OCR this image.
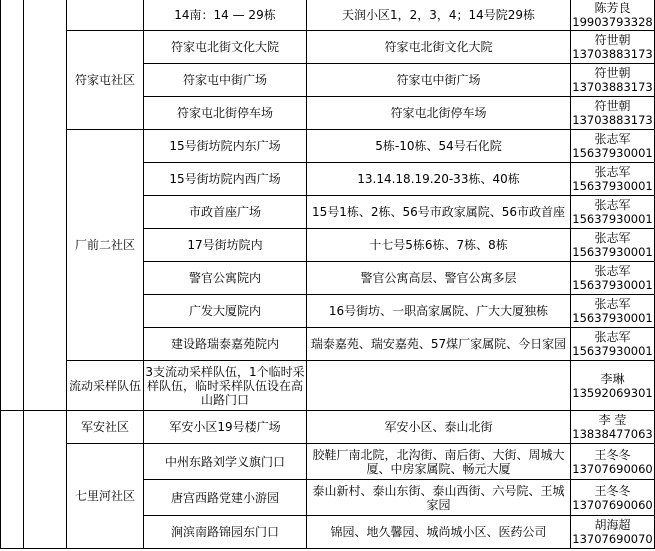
			14南：14 — 29栋	天润小区1，2，3，4；14号院29栋	陈芳良
19903793328

		符家屯社区	符家屯北街文化大院	符家屯北街文化大院	符世朝
13703883173

			符家屯中街广场	符家屯中街广场	符世朝
13703883173

			符家屯北街停车场	符家屯北街停车场	符世朝
13703883173

		厂前二社区	15号街坊院内东广场	5栋-10栋、54号石化院	张志军
15637930001

			15号街坊院内西广场	13.14.18.19.20-33栋、40栋	张志军
15637930001

			市政首座广场	15号1栋、2栋、56号市政家属院、56市政首座	张志军
15637930001

			17号街坊院内	十七号5栋6栋、7栋、8栋	张志军
15637930001

			警官公寓院内	警官公寓高层、警官公寓多层	张志军
15637930001

			广发大厦院内	16号街坊、一职高家属院、广大大厦独栋	张志军
15637930001

			建设路瑞泰嘉苑院内	瑞泰嘉苑、瑞安嘉苑、57煤厂家属院、今日家园	张志军
15637930001

		流动采样队伍	3支流动采样队伍，1个临时采样队伍，临时采样队伍设在高山路门口		李琳
13592069301

		军安社区	军安小区19号楼广场	军安小区、泰山北街	李 莹
13838477063

		七里河社区	中州东路刘学义旗门口	胶鞋厂南北院，北沟街、南后街、大街、周城大厦、中房家属院、畅元大厦	王冬冬
13707690060

			唐宫西路党建小游园	泰山新村、泰山东街、泰山西街、六号院、王城家园	王冬冬
13707690060

			涧滨南路锦园东门口	锦园、地久馨园、城尚城小区、医药公司	胡海超
13707690070
